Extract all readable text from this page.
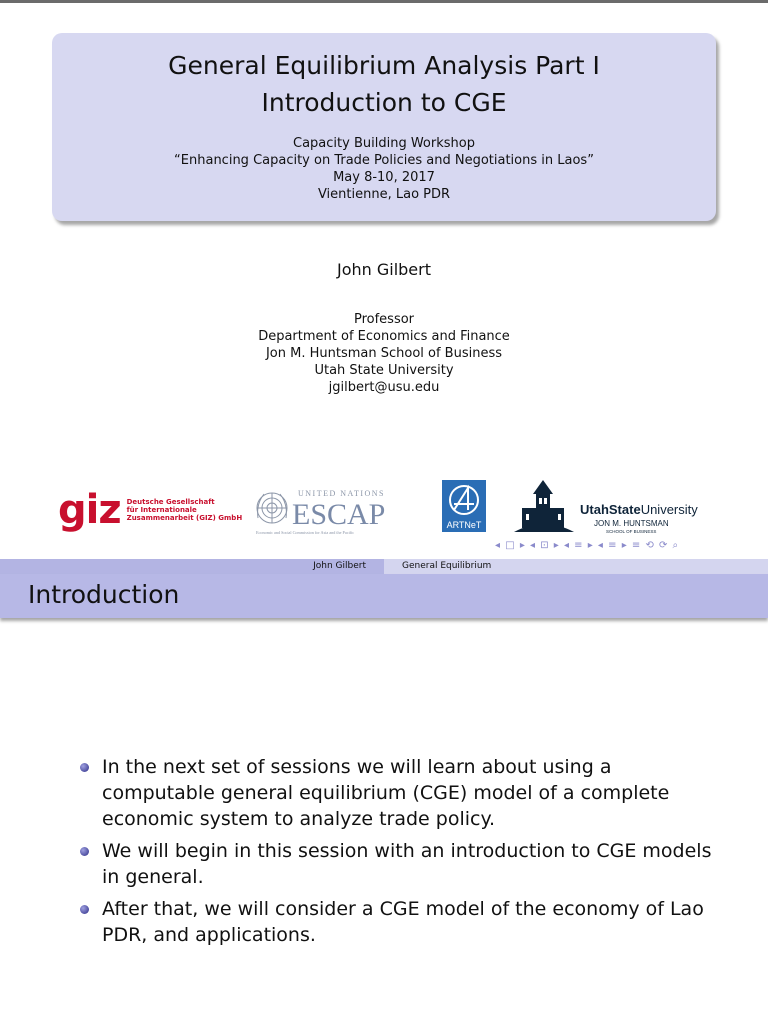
General Equilibrium Analysis Part I
Introduction to CGE
Capacity Building Workshop
“Enhancing Capacity on Trade Policies and Negotiations in Laos”
May 8-10, 2017
Vientienne, Lao PDR
John Gilbert
Professor
Department of Economics and Finance
Jon M. Huntsman School of Business
Utah State University
jgilbert@usu.edu
giz Deutsche Gesellschaft
für Internationale
Zusammenarbeit (GIZ) GmbH
UNITED NATIONS
ESCAP
Economic and Social Commission for Asia and the Pacific
ARTNeT
UtahStateUniversity
JON M. HUNTSMAN
SCHOOL OF BUSINESS
◂ □ ▸ ◂ ⊡ ▸ ◂ ≡ ▸ ◂ ≡ ▸ ≡ ⟲ ⟳ ⌕
John Gilbert	General Equilibrium
Introduction
In the next set of sessions we will learn about using a computable general equilibrium (CGE) model of a complete economic system to analyze trade policy.
We will begin in this session with an introduction to CGE models in general.
After that, we will consider a CGE model of the economy of Lao PDR, and applications.
